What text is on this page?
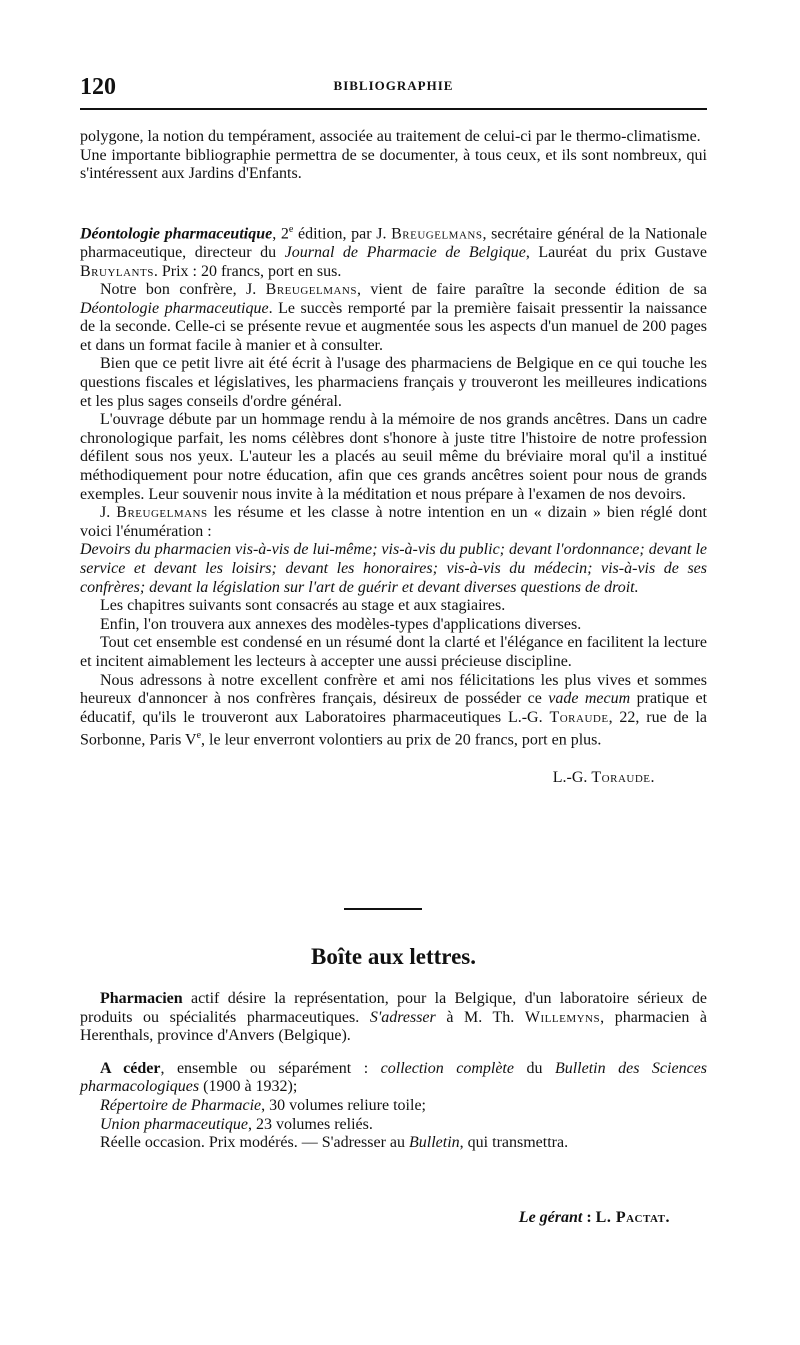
120	BIBLIOGRAPHIE

polygone, la notion du tempérament, associée au traitement de celui-ci par le thermo-climatisme.

Une importante bibliographie permettra de se documenter, à tous ceux, et ils sont nombreux, qui s'intéressent aux Jardins d'Enfants.

Déontologie pharmaceutique, 2e édition, par J. Breugelmans, secrétaire général de la Nationale pharmaceutique, directeur du Journal de Pharmacie de Belgique, Lauréat du prix Gustave Bruylants. Prix : 20 francs, port en sus.

Notre bon confrère, J. Breugelmans, vient de faire paraître la seconde édition de sa Déontologie pharmaceutique. Le succès remporté par la première faisait pressentir la naissance de la seconde. Celle-ci se présente revue et augmentée sous les aspects d'un manuel de 200 pages et dans un format facile à manier et à consulter.

Bien que ce petit livre ait été écrit à l'usage des pharmaciens de Belgique en ce qui touche les questions fiscales et législatives, les pharmaciens français y trouveront les meilleures indications et les plus sages conseils d'ordre général.

L'ouvrage débute par un hommage rendu à la mémoire de nos grands ancêtres. Dans un cadre chronologique parfait, les noms célèbres dont s'honore à juste titre l'histoire de notre profession défilent sous nos yeux. L'auteur les a placés au seuil même du bréviaire moral qu'il a institué méthodiquement pour notre éducation, afin que ces grands ancêtres soient pour nous de grands exemples. Leur souvenir nous invite à la méditation et nous prépare à l'examen de nos devoirs.

J. Breugelmans les résume et les classe à notre intention en un « dizain » bien réglé dont voici l'énumération :

Devoirs du pharmacien vis-à-vis de lui-même; vis-à-vis du public; devant l'ordonnance; devant le service et devant les loisirs; devant les honoraires; vis-à-vis du médecin; vis-à-vis de ses confrères; devant la législation sur l'art de guérir et devant diverses questions de droit.

Les chapitres suivants sont consacrés au stage et aux stagiaires.

Enfin, l'on trouvera aux annexes des modèles-types d'applications diverses.

Tout cet ensemble est condensé en un résumé dont la clarté et l'élégance en facilitent la lecture et incitent aimablement les lecteurs à accepter une aussi précieuse discipline.

Nous adressons à notre excellent confrère et ami nos félicitations les plus vives et sommes heureux d'annoncer à nos confrères français, désireux de posséder ce vade mecum pratique et éducatif, qu'ils le trouveront aux Laboratoires pharmaceutiques L.-G. Toraude, 22, rue de la Sorbonne, Paris Ve, le leur enverront volontiers au prix de 20 francs, port en plus.

L.-G. Toraude.

Boîte aux lettres.

Pharmacien actif désire la représentation, pour la Belgique, d'un laboratoire sérieux de produits ou spécialités pharmaceutiques. S'adresser à M. Th. Willemyns, pharmacien à Herenthals, province d'Anvers (Belgique).

A céder, ensemble ou séparément : collection complète du Bulletin des Sciences pharmacologiques (1900 à 1932);

Répertoire de Pharmacie, 30 volumes reliure toile;

Union pharmaceutique, 23 volumes reliés.

Réelle occasion. Prix modérés. — S'adresser au Bulletin, qui transmettra.

Le gérant : L. Pactat.
